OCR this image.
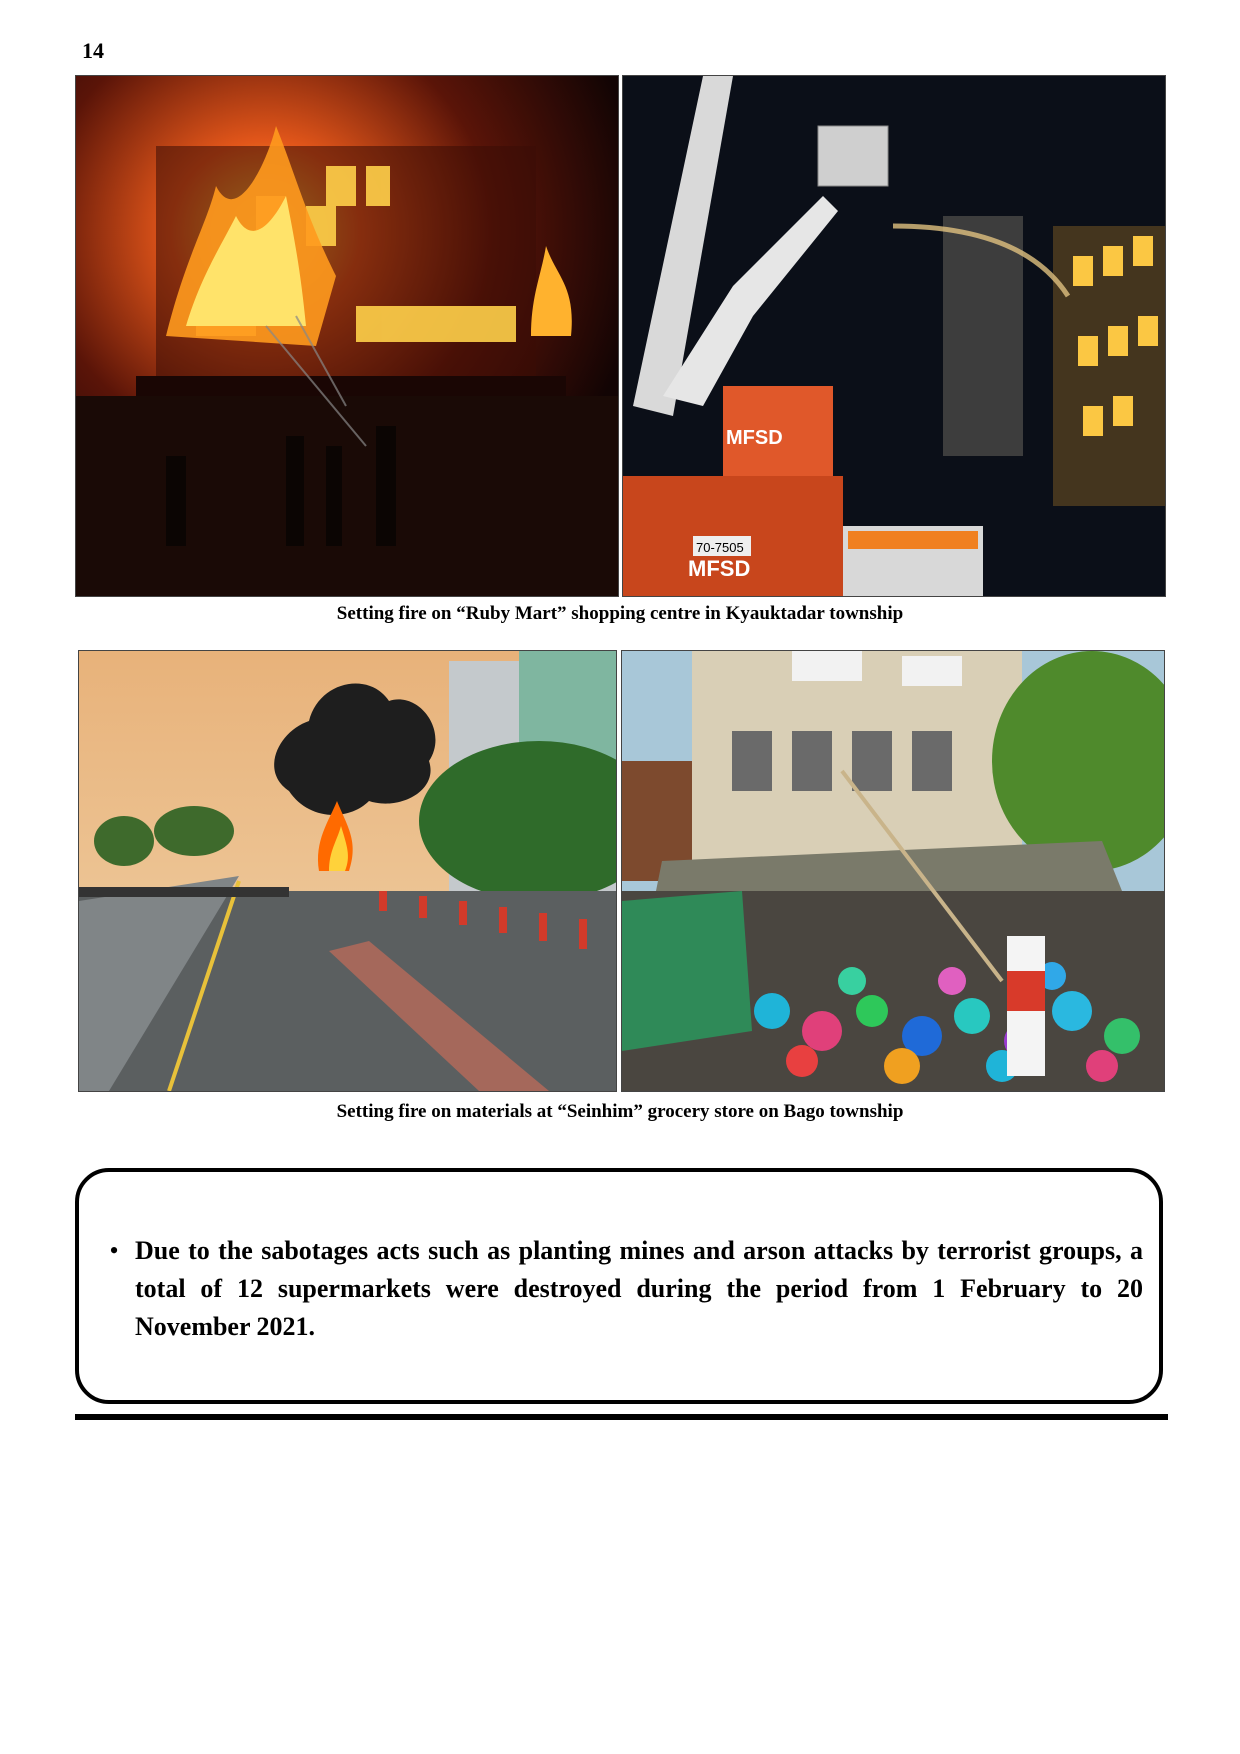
14
MFSD
MFSD
70-7505
Setting fire on “Ruby Mart” shopping centre in Kyauktadar township
Setting fire on materials at “Seinhim” grocery store on Bago township
• Due to the sabotages acts such as planting mines and arson attacks by terrorist groups, a total of 12 supermarkets were destroyed during the period from 1 February to 20 November 2021.
